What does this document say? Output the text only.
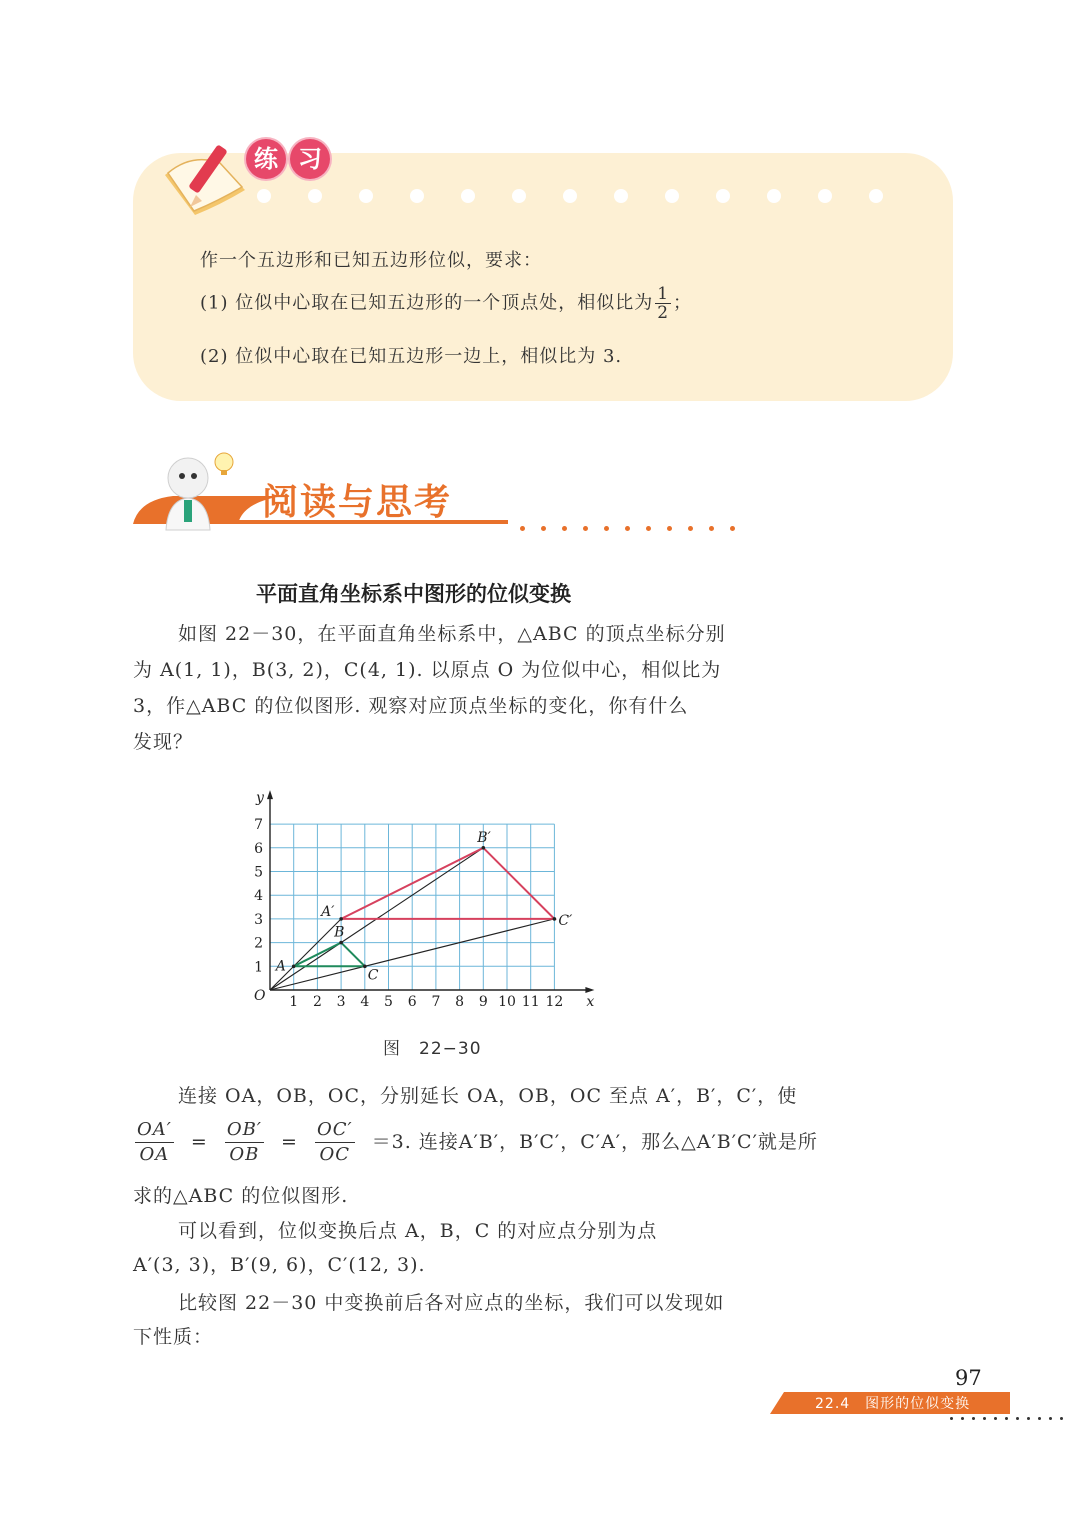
练 习
作一个五边形和已知五边形位似，要求：
(1) 位似中心取在已知五边形的一个顶点处，相似比为 $\frac{1}{2}$ ；
(2) 位似中心取在已知五边形一边上，相似比为 3.
阅读与思考
平面直角坐标系中图形的位似变换
如图 22－30，在平面直角坐标系中，△ABC 的顶点坐标分别
为 A(1, 1)，B(3, 2)，C(4, 1). 以原点 O 为位似中心，相似比为
3，作△ABC 的位似图形. 观察对应顶点坐标的变化，你有什么
发现？
1 2 3 4 5 6 7 8 9 10 11 12
1
2
3
4
5
6
7
x
y
O
A
B
C
A′
B′
C′
图　22−30
连接 OA，OB，OC，分别延长 OA，OB，OC 至点 A′，B′，C′，使
$\frac{OA'}{OA} = \frac{OB'}{OB} = \frac{OC'}{OC} =3$. 连接A′B′，B′C′，C′A′，那么△A′B′C′就是所
求的△ABC 的位似图形.
可以看到，位似变换后点 A，B，C 的对应点分别为点
A′(3, 3)，B′(9, 6)，C′(12, 3).
比较图 22－30 中变换前后各对应点的坐标，我们可以发现如
下性质：
97
22.4　图形的位似变换
